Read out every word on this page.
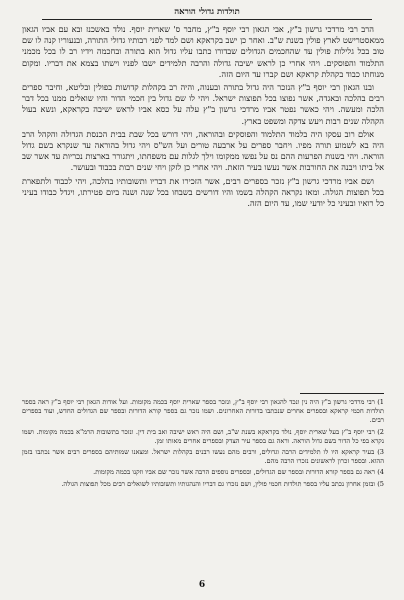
תולדות גדולי הוראה

הרב רבי מרדכי גרשון ב"ץ, אבי הגאון רבי יוסף ב"ץ, מחבר ס' שארית יוסף. נולד באשכנז ובא עם אביו הגאון ממאסטרישט לארץ פולין בשנת ש"ב. ואחר כן ישב בקראקא ושם למד לפני רבותיו גדולי התורה, ובנעוריו קנה לו שם טוב בכל גלילות פולין עד שהחכמים הגדולים שבדורו כתבו עליו גדול הוא בתורה ובחכמה וידיו רב לו בכל מכמני התלמוד והפוסקים. ויהי אחרי כן לראש ישיבה גדולה והרבה תלמידים ישבו לפניו וישתו בצמא את דבריו. ומקום מנוחתו כבוד בקהלת קראקא ושם קברו עד היום הזה.

ובנו הגאון רבי יוסף ב"ץ הנזכר היה גדול בתורה ובענוה, והיה רב בקהלות קדושות בפולין ובליטא, וחיבר ספרים רבים בהלכה ובאגדה, אשר נפוצו בכל תפוצות ישראל. ויהי לו שם גדול בין חכמי הדור והיו שואלים ממנו בכל דבר הלכה ומעשה. ויהי כאשר נפטר אביו מרדכי גרשון ב"ץ עלה על כסא אביו לראש ישיבה בקראקא, ונשא בעול הקהלה שנים רבות ויעש צדקה ומשפט בארץ.

אולם רוב עסקו היה בלמוד התלמוד והפוסקים ובהוראה, ויהי דורש בכל שבת בבית הכנסת הגדולה והקהל הרב היה בא לשמוע תורה מפיו. ויחבר ספרים על ארבעה טורים ועל הש"ס ויהי גדול בהוראה עד שנקרא בשם גדול הוראה. ויהי בשנות הפרעות ההם נס על נפשו ממקומו וילך לגלות עם משפחתו, ויתגורר בארצות נכריות עד אשר שב אל ביתו ויבנה את החורבות אשר נעשו בעיר הזאת. ויהי אחרי כן לזקן ויחי שנים רבות בכבוד ובעושר.

ושם אביו מרדכי גרשון ב"ץ נזכר בספרים רבים, אשר הזכירו את דבריו ותשובותיו בהלכה, ויהי לכבוד ולתפארת בכל תפוצות הגולה. ומאז נקראה הקהלה בשמו והיו דורשים בשבחו בכל שנה ושנה ביום פטירתו, ויגדל כבודו בעיני כל רואיו ובעיני כל יודעי שמו, עד היום הזה.

1) רבי מרדכי גרשון ב"ץ היה נין ונכד להגאון רבי יוסף ב"ץ, ונזכר בספר שארית יוסף בכמה מקומות. ועל אודות הגאון רבי יוסף ב"ץ ראה בספר תולדות חכמי קראקא ובספרים אחרים שנכתבו בדורות האחרונים. ושמו נזכר גם בספר קורא הדורות ובספר שם הגדולים החדש, ועוד בספרים רבים.

2) רבי יוסף ב"ץ בעל שארית יוסף, נולד בקראקא בשנת ש"ב, ושם היה ראש ישיבה ואב בית דין. ונזכר בתשובות הרמ"א בכמה מקומות. ושמו נקרא בפי כל הדור בשם גדול הוראה. וראה גם בספר עיר הצדק ובספרים אחרים מאותו זמן.

3) בעיר קראקא היו לו תלמידים הרבה וגדולים, ורבים מהם נעשו רבנים בקהלות ישראל. ומצאנו שמותיהם בספרים רבים אשר נכתבו בזמן ההוא. ובספר זכרון לראשונים נזכרו הרבה מהם.

4) ראה גם בספר קורא הדורות ובספר שם הגדולים, ובספרים נוספים הרבה אשר נזכר שם אביו וזקנו בכמה מקומות.

5) ובזמן אחרון נכתב עליו בספר תולדות חכמי פולין, ושם נזכרו גם דבריו והנהגותיו ותשובותיו לשואלים רבים מכל תפוצות הגולה.

6
